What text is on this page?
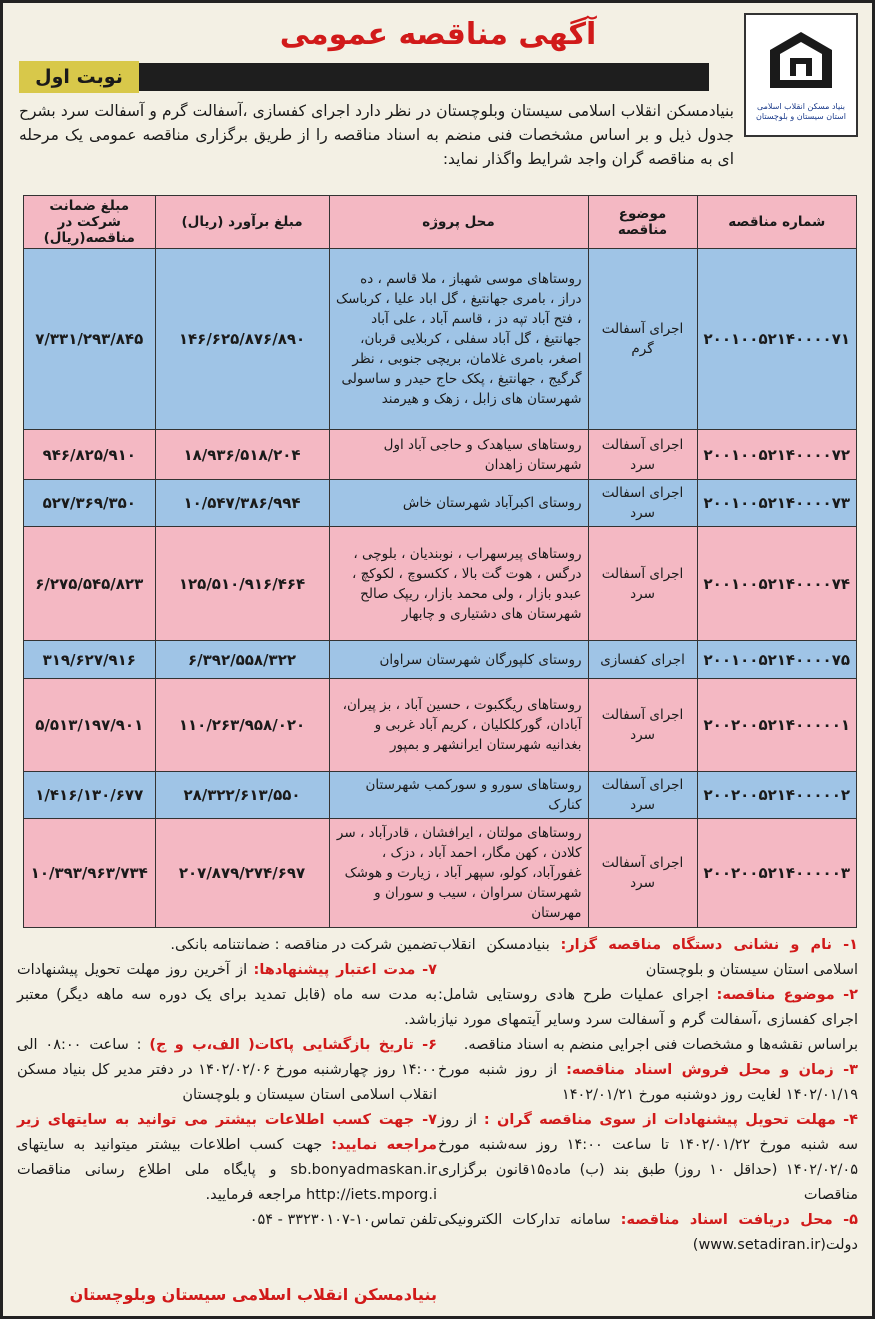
بنیاد مسکن انقلاب اسلامی استان سیستان و بلوچستان
آگهی مناقصه عمومی
نوبت اول
بنیادمسکن انقلاب اسلامی سیستان وبلوچستان در نظر دارد اجرای کفسازی ،آسفالت گرم و آسفالت سرد بشرح جدول ذیل و بر اساس مشخصات فنی منضم به اسناد مناقصه را از طریق برگزاری مناقصه عمومی یک مرحله ای به مناقصه گران واجد شرایط واگذار نماید:
شماره مناقصه	موضوع مناقصه	محل پروژه	مبلغ برآورد (ریال)	مبلغ ضمانت شرکت در مناقصه(ریال)
۲۰۰۱۰۰۵۲۱۴۰۰۰۰۷۱	اجرای آسفالت گرم	روستاهای موسی شهباز ، ملا قاسم ، ده دراز ، بامری جهانتیغ ، گل اباد علیا ، کرباسک ، فتح آباد تپه دز ، قاسم آباد ، علی آباد جهانتیغ ، گل آباد سفلی ، کربلایی قربان، اصغر، بامری غلامان، بریچی جنوبی ، نظر گرگیج ، جهانتیغ ، پکک حاج حیدر و ساسولی شهرستان های زابل ، زهک و هیرمند	۱۴۶/۶۲۵/۸۷۶/۸۹۰	۷/۳۳۱/۲۹۳/۸۴۵
۲۰۰۱۰۰۵۲۱۴۰۰۰۰۷۲	اجرای آسفالت سرد	روستاهای سیاهدک و حاجی آباد اول شهرستان زاهدان	۱۸/۹۳۶/۵۱۸/۲۰۴	۹۴۶/۸۲۵/۹۱۰
۲۰۰۱۰۰۵۲۱۴۰۰۰۰۷۳	اجرای اسفالت سرد	روستای اکبرآباد شهرستان خاش	۱۰/۵۴۷/۳۸۶/۹۹۴	۵۲۷/۳۶۹/۳۵۰
۲۰۰۱۰۰۵۲۱۴۰۰۰۰۷۴	اجرای آسفالت سرد	روستاهای پیرسهراب ، نوبندیان ، بلوچی ، درگس ، هوت گت بالا ، ککسوچ ، لکوکچ ، عبدو بازار ، ولی محمد بازار، ریپک صالح شهرستان های دشتیاری و چابهار	۱۲۵/۵۱۰/۹۱۶/۴۶۴	۶/۲۷۵/۵۴۵/۸۲۳
۲۰۰۱۰۰۵۲۱۴۰۰۰۰۷۵	اجرای کفسازی	روستای کلپورگان شهرستان سراوان	۶/۳۹۲/۵۵۸/۳۲۲	۳۱۹/۶۲۷/۹۱۶
۲۰۰۲۰۰۵۲۱۴۰۰۰۰۰۱	اجرای آسفالت سرد	روستاهای ریگکبوت ، حسین آباد ، بز پیران، آبادان، گورکلکلیان ، کریم آباد غربی و بغدانیه شهرستان ایرانشهر و بمپور	۱۱۰/۲۶۳/۹۵۸/۰۲۰	۵/۵۱۳/۱۹۷/۹۰۱
۲۰۰۲۰۰۵۲۱۴۰۰۰۰۰۲	اجرای آسفالت سرد	روستاهای سورو و سورکمب شهرستان کنارک	۲۸/۳۲۲/۶۱۳/۵۵۰	۱/۴۱۶/۱۳۰/۶۷۷
۲۰۰۲۰۰۵۲۱۴۰۰۰۰۰۳	اجرای آسفالت سرد	روستاهای مولتان ، ایرافشان ، قادرآباد ، سر کلادن ، کهن مگار، احمد آباد ، دزک ، غفورآباد، کولو، سپهر آباد ، زیارت و هوشک شهرستان سراوان ، سیب و سوران و مهرستان	۲۰۷/۸۷۹/۲۷۴/۶۹۷	۱۰/۳۹۳/۹۶۳/۷۳۴
۱- نام و نشانی دستگاه مناقصه گزار: بنیادمسکن انقلاب اسلامی استان سیستان و بلوچستان
۲- موضوع مناقصه: اجرای عملیات طرح هادی روستایی شامل: اجرای کفسازی ،آسفالت گرم و آسفالت سرد وسایر آیتمهای مورد نیاز براساس نقشه‌ها و مشخصات فنی اجرایی منضم به اسناد مناقصه.
۳- زمان و محل فروش اسناد مناقصه: از روز شنبه مورخ ۱۴۰۲/۰۱/۱۹ لغایت روز دوشنبه مورخ ۱۴۰۲/۰۱/۲۱
۴- مهلت تحویل پیشنهادات از سوی مناقصه گران : از روز سه شنبه مورخ ۱۴۰۲/۰۱/۲۲ تا ساعت ۱۴:۰۰ روز سه‌شنبه مورخ ۱۴۰۲/۰۲/۰۵ (حداقل ۱۰ روز) طبق بند (ب) ماده۱۵قانون برگزاری مناقصات
۵- محل دریافت اسناد مناقصه: سامانه تدارکات الکترونیکی دولت(www.setadiran.ir)
تضمین شرکت در مناقصه : ضمانتنامه بانکی.
۷- مدت اعتبار پیشنهادها: از آخرین روز مهلت تحویل پیشنهادات به مدت سه ماه (قابل تمدید برای یک دوره سه ماهه دیگر) معتبر باشد.
۶- تاریخ بازگشایی پاکات( الف،ب و ج) : ساعت ۰۸:۰۰ الی ۱۴:۰۰ روز چهارشنبه مورخ ۱۴۰۲/۰۲/۰۶ در دفتر مدیر کل بنیاد مسکن انقلاب اسلامی استان سیستان و بلوچستان
۷- جهت کسب اطلاعات بیشتر می توانید به سایتهای زیر مراجعه نمایید: جهت کسب اطلاعات بیشتر میتوانید به سایتهای sb.bonyadmaskan.ir و پایگاه ملی اطلاع رسانی مناقصات http://iets.mporg.i مراجعه فرمایید.
تلفن تماس۱۰-۳۳۲۳۰۱۰۷ - ۰۵۴
بنیادمسکن انقلاب اسلامی سیستان وبلوچستان
